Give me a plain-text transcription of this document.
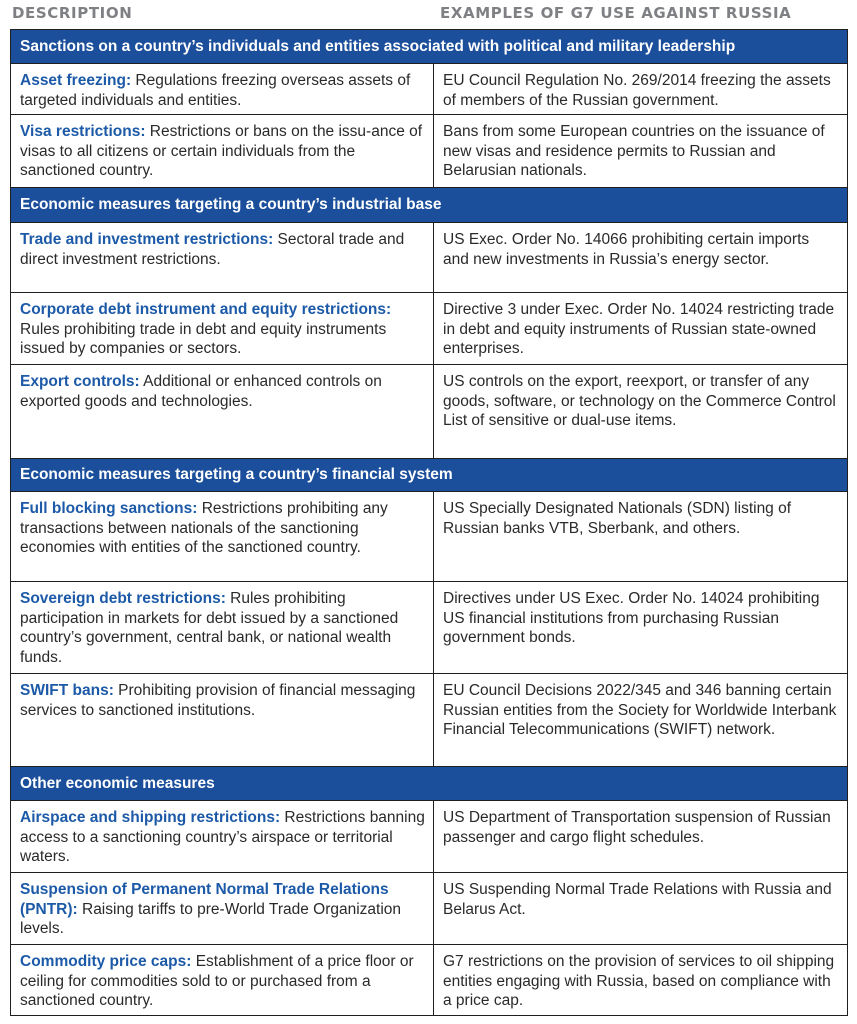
DESCRIPTION	EXAMPLES OF G7 USE AGAINST RUSSIA
Sanctions on a country’s individuals and entities associated with political and military leadership	
Asset freezing: Regulations freezing overseas assets of targeted individuals and entities.	EU Council Regulation No. 269/2014 freezing the assets of members of the Russian government.
Visa restrictions: Restrictions or bans on the issu-ance of visas to all citizens or certain individuals from the sanctioned country.	Bans from some European countries on the issuance of new visas and residence permits to Russian and Belarusian nationals.
Economic measures targeting a country’s industrial base	
Trade and investment restrictions: Sectoral trade and direct investment restrictions.	US Exec. Order No. 14066 prohibiting certain imports and new investments in Russia’s energy sector.
Corporate debt instrument and equity restrictions: Rules prohibiting trade in debt and equity instruments issued by companies or sectors.	Directive 3 under Exec. Order No. 14024 restricting trade in debt and equity instruments of Russian state-owned enterprises.
Export controls: Additional or enhanced controls on exported goods and technologies.	US controls on the export, reexport, or transfer of any goods, software, or technology on the Commerce Control List of sensitive or dual-use items.
Economic measures targeting a country’s financial system	
Full blocking sanctions: Restrictions prohibiting any transactions between nationals of the sanctioning economies with entities of the sanctioned country.	US Specially Designated Nationals (SDN) listing of Russian banks VTB, Sberbank, and others.
Sovereign debt restrictions: Rules prohibiting participation in markets for debt issued by a sanctioned country’s government, central bank, or national wealth funds.	Directives under US Exec. Order No. 14024 prohibiting US financial institutions from purchasing Russian government bonds.
SWIFT bans: Prohibiting provision of financial messaging services to sanctioned institutions.	EU Council Decisions 2022/345 and 346 banning certain Russian entities from the Society for Worldwide Interbank Financial Telecommunications (SWIFT) network.
Other economic measures	
Airspace and shipping restrictions: Restrictions banning access to a sanctioning country’s airspace or territorial waters.	US Department of Transportation suspension of Russian passenger and cargo flight schedules.
Suspension of Permanent Normal Trade Relations (PNTR): Raising tariffs to pre-World Trade Organization levels.	US Suspending Normal Trade Relations with Russia and Belarus Act.
Commodity price caps: Establishment of a price floor or ceiling for commodities sold to or purchased from a sanctioned country.	G7 restrictions on the provision of services to oil shipping entities engaging with Russia, based on compliance with a price cap.
